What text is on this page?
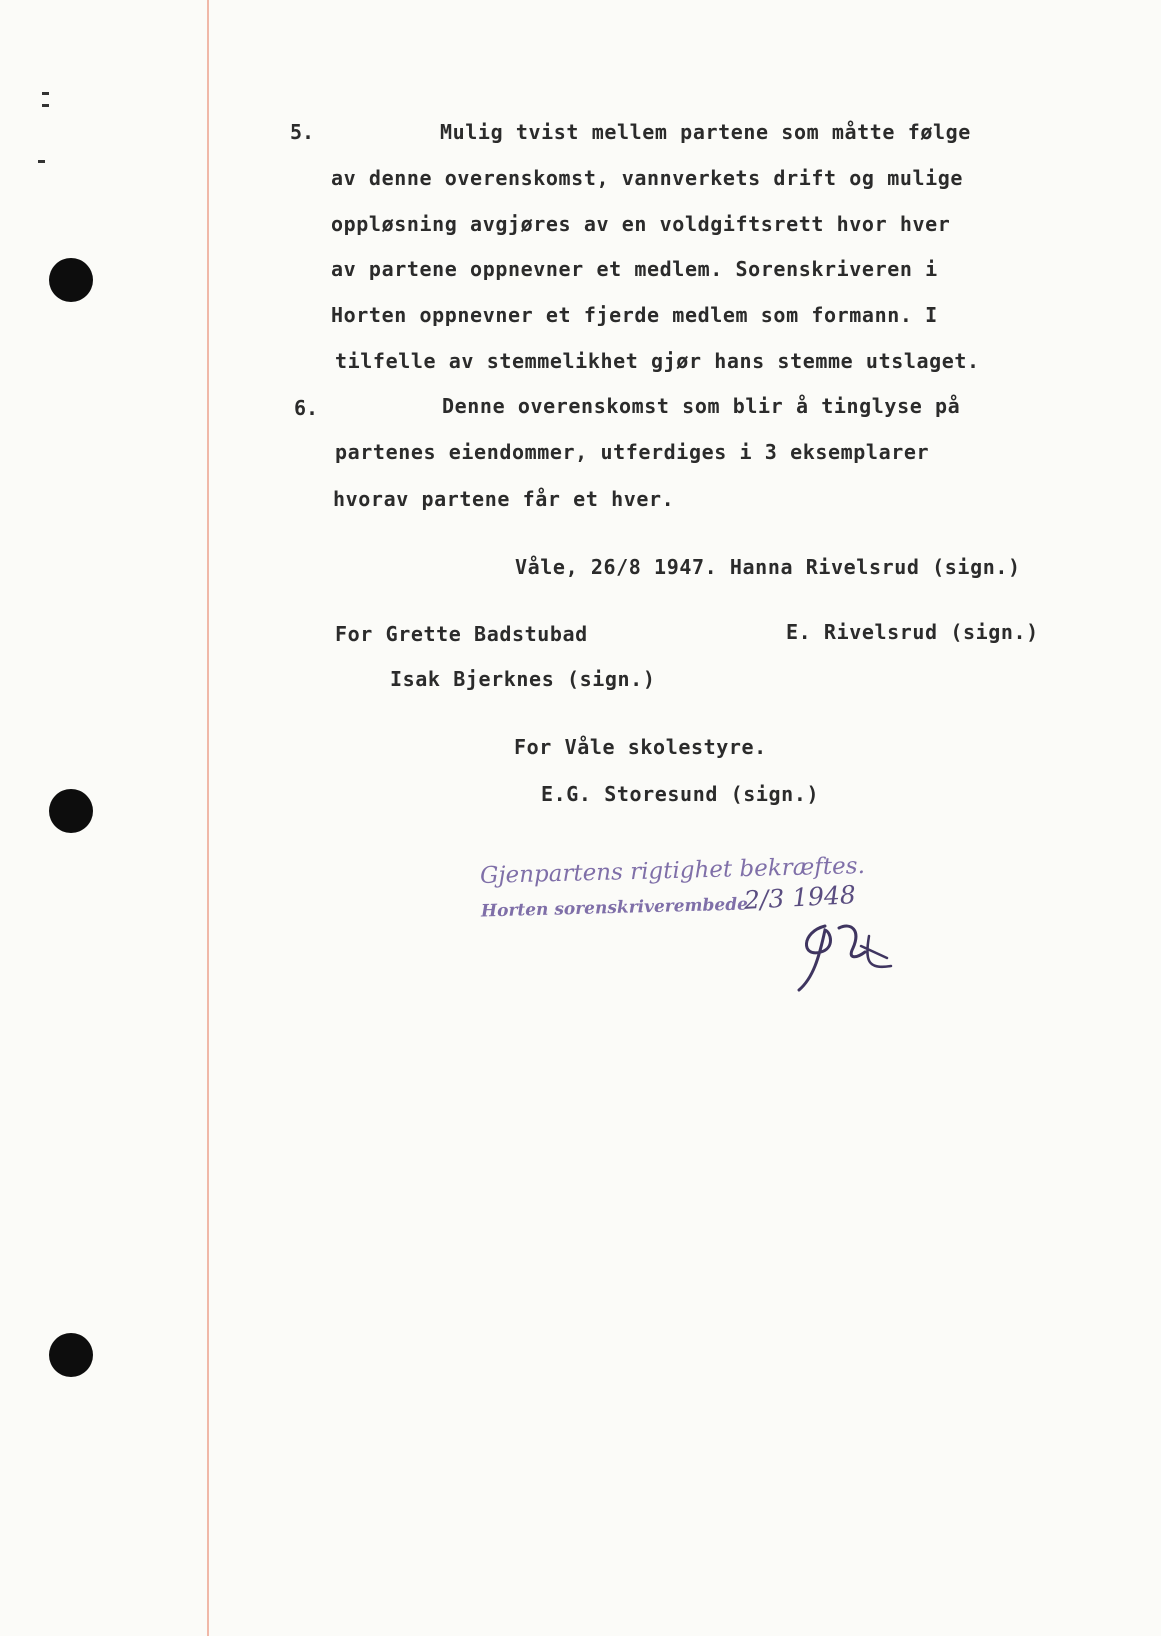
5.	Mulig tvist mellem partene som måtte følge

av denne overenskomst, vannverkets drift og mulige

oppløsning avgjøres av en voldgiftsrett hvor hver

av partene oppnevner et medlem. Sorenskriveren i

Horten oppnevner et fjerde medlem som formann. I

tilfelle av stemmelikhet gjør hans stemme utslaget.

6.	Denne overenskomst som blir å tinglyse på

partenes eiendommer, utferdiges i 3 eksemplarer

hvorav partene får et hver.

Våle, 26/8 1947. Hanna Rivelsrud (sign.)

For Grette Badstubad	E. Rivelsrud (sign.)

Isak Bjerknes (sign.)

For Våle skolestyre.

E.G. Storesund (sign.)

Gjenpartens rigtighet bekræftes.

Horten sorenskriverembede

2/3 1948
